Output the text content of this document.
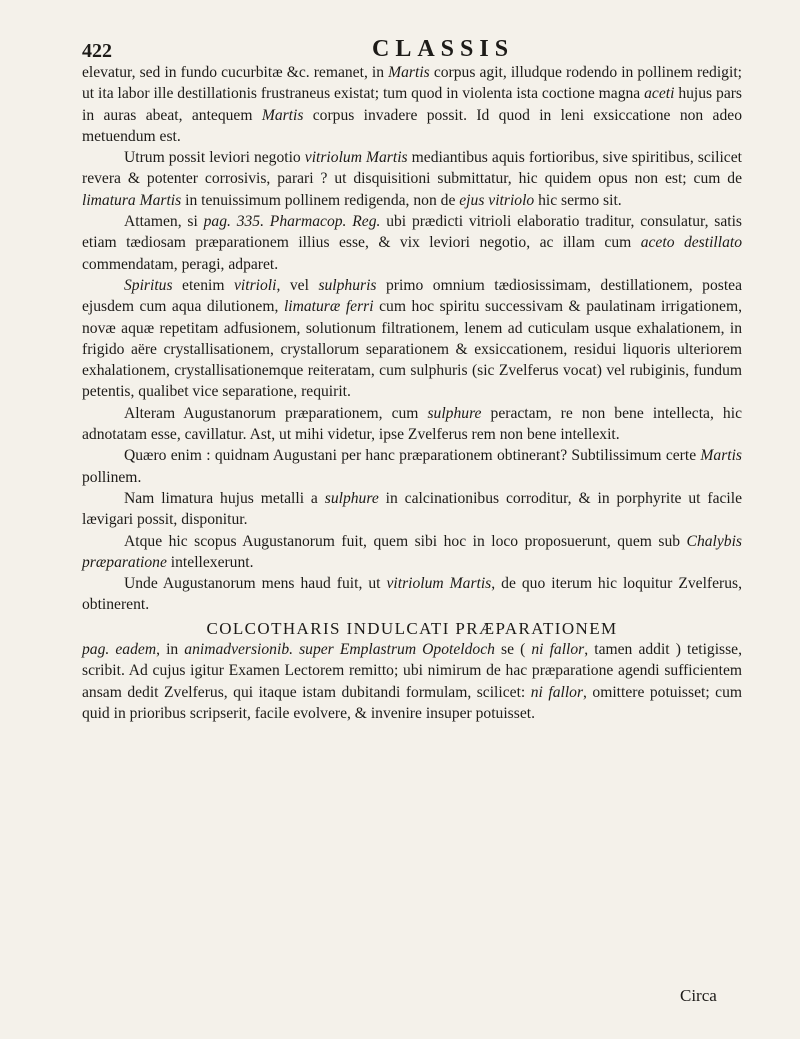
422	CLASSIS

elevatur, sed in fundo cucurbitæ &c. remanet, in Martis corpus agit, illudque rodendo in pollinem redigit; ut ita labor ille destillationis frustraneus existat; tum quod in violenta ista coctione magna aceti hujus pars in auras abeat, antequem Martis corpus invadere possit. Id quod in leni exsiccatione non adeo metuendum est.

Utrum possit leviori negotio vitriolum Martis mediantibus aquis fortioribus, sive spiritibus, scilicet revera & potenter corrosivis, parari ? ut disquisitioni submittatur, hic quidem opus non est; cum de limatura Martis in tenuissimum pollinem redigenda, non de ejus vitriolo hic sermo sit.

Attamen, si pag. 335. Pharmacop. Reg. ubi prædicti vitrioli elaboratio traditur, consulatur, satis etiam tædiosam præparationem illius esse, & vix leviori negotio, ac illam cum aceto destillato commendatam, peragi, adparet.

Spiritus etenim vitrioli, vel sulphuris primo omnium tædiosissimam, destillationem, postea ejusdem cum aqua dilutionem, limaturæ ferri cum hoc spiritu successivam & paulatinam irrigationem, novæ aquæ repetitam adfusionem, solutionum filtrationem, lenem ad cuticulam usque exhalationem, in frigido aëre crystallisationem, crystallorum separationem & exsiccationem, residui liquoris ulteriorem exhalationem, crystallisationemque reiteratam, cum sulphuris (sic Zvelferus vocat) vel rubiginis, fundum petentis, qualibet vice separatione, requirit.

Alteram Augustanorum præparationem, cum sulphure peractam, re non bene intellecta, hic adnotatam esse, cavillatur. Ast, ut mihi videtur, ipse Zvelferus rem non bene intellexit.

Quæro enim : quidnam Augustani per hanc præparationem obtinerant? Subtilissimum certe Martis pollinem.

Nam limatura hujus metalli a sulphure in calcinationibus corroditur, & in porphyrite ut facile lævigari possit, disponitur.

Atque hic scopus Augustanorum fuit, quem sibi hoc in loco proposuerunt, quem sub Chalybis præparatione intellexerunt.

Unde Augustanorum mens haud fuit, ut vitriolum Martis, de quo iterum hic loquitur Zvelferus, obtinerent.

COLCOTHARIS INDULCATI PRÆPARATIONEM

pag. eadem, in animadversionib. super Emplastrum Opoteldoch se ( ni fallor, tamen addit ) tetigisse, scribit. Ad cujus igitur Examen Lectorem remitto; ubi nimirum de hac præparatione agendi sufficientem ansam dedit Zvelferus, qui itaque istam dubitandi formulam, scilicet: ni fallor, omittere potuisset; cum quid in prioribus scripserit, facile evolvere, & invenire insuper potuisset.

Circa
